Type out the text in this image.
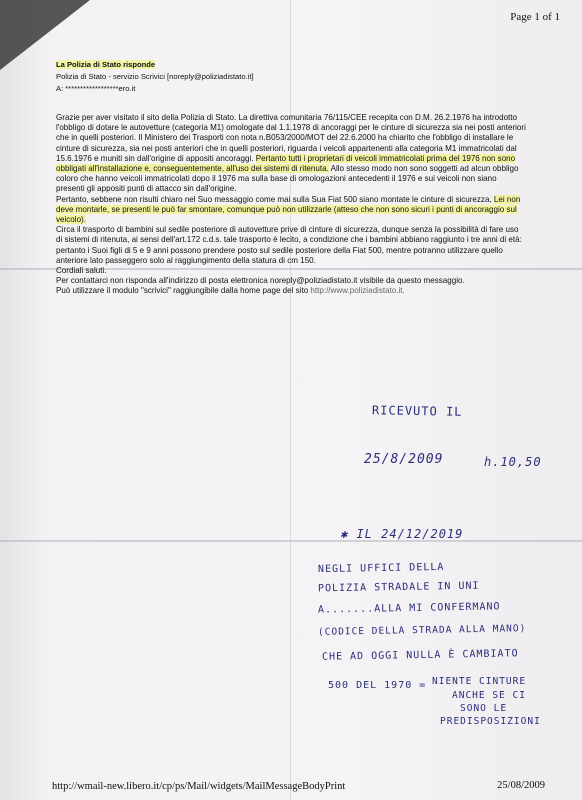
Page 1 of 1
La Polizia di Stato risponde
Polizia di Stato - servizio Scrivici [noreply@poliziadistato.it]
A: ******************ero.it

Grazie per aver visitato il sito della Polizia di Stato. La direttiva comunitaria 76/115/CEE recepita con D.M. 26.2.1976 ha introdotto l'obbligo di dotare le autovetture (categoria M1) omologate dal 1.1.1978 di ancoraggi per le cinture di sicurezza sia nei posti anteriori che in quelli posteriori. Il Ministero dei Trasporti con nota n.B053/2000/MOT del 22.6.2000 ha chiarito che l'obbligo di installare le cinture di sicurezza, sia nei posti anteriori che in quelli posteriori, riguarda i veicoli appartenenti alla categoria M1 immatricolati dal 15.6.1976 e muniti sin dall'origine di appositi ancoraggi. Pertanto tutti i proprietari di veicoli immatricolati prima del 1976 non sono obbligati all'installazione e, conseguentemente, all'uso dei sistemi di ritenuta. Allo stesso modo non sono soggetti ad alcun obbligo coloro che hanno veicoli immatricolati dopo il 1976 ma sulla base di omologazioni antecedenti il 1976 e sui veicoli non siano presenti gli appositi punti di attacco sin dall'origine.

Pertanto, sebbene non risulti chiaro nel Suo messaggio come mai sulla Sua Fiat 500 siano montate le cinture di sicurezza, Lei non deve montarle, se presenti le può far smontare, comunque può non utilizzarle (atteso che non sono sicuri i punti di ancoraggio sul veicolo).

Circa il trasporto di bambini sul sedile posteriore di autovetture prive di cinture di sicurezza, dunque senza la possibilità di fare uso di sistemi di ritenuta, ai sensi dell'art.172 c.d.s. tale trasporto è lecito, a condizione che i bambini abbiano raggiunto i tre anni di età: pertanto i Suoi figli di 5 e 9 anni possono prendere posto sul sedile posteriore della Fiat 500, mentre potranno utilizzare quello anteriore lato passeggero solo al raggiungimento della statura di cm 150.

Cordiali saluti.

Per contattarci non risponda all'indirizzo di posta elettronica noreply@poliziadistato.it visibile da questo messaggio.

Può utilizzare il modulo "scrivici" raggiungibile dalla home page del sito http://www.poliziadistato.it.

RICEVUTO IL
25/8/2009	h.10,50
✱ IL 24/12/2019
NEGLI UFFICI DELLA
POLIZIA STRADALE IN UNI
A.......ALLA MI CONFERMANO
(CODICE DELLA STRADA ALLA MANO)
CHE AD OGGI NULLA È CAMBIATO
500 DEL 1970 = NIENTE CINTURE
ANCHE SE CI
SONO LE
PREDISPOSIZIONI
http://wmail-new.libero.it/cp/ps/Mail/widgets/MailMessageBodyPrint	25/08/2009
